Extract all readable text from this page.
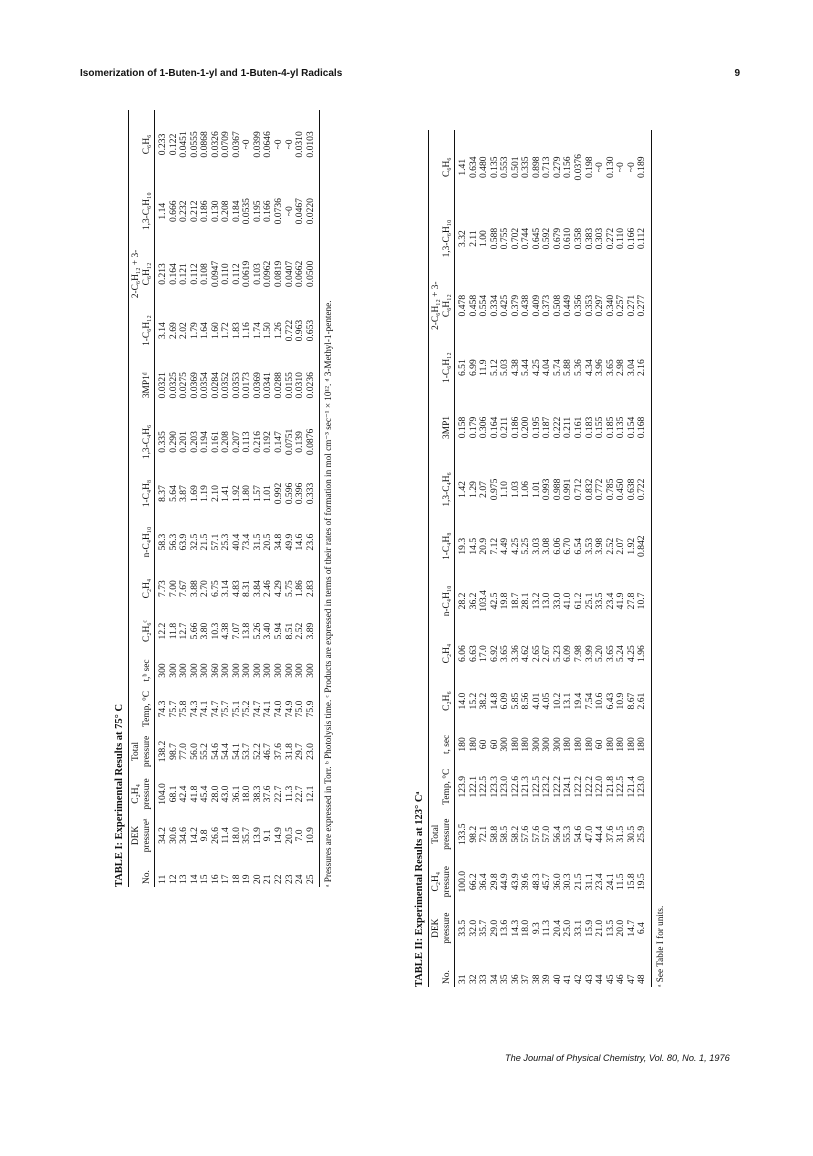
Isomerization of 1-Buten-1-yl and 1-Buten-4-yl Radicals	9
TABLE I: Experimental Results at 75° C	No.	DEK pressureᵃ	C₂H₄ pressure	Total pressure	Temp, °C	t,ᵇ sec	C₂H₆ᶜ	C₂H₄	n-C₄H₁₀	1-C₄H₈	1,3-C₄H₆	3MP1ᵈ	1-C₆H₁₂	2-C₆H₁₂ + 3-C₆H₁₂	1,3-C₆H₁₀	C₆H₆
11	34.2	104.0	138.2	74.3	300	12.2	7.73	58.3	8.37	0.335	0.0321	3.14	0.213	1.14	0.233
12	30.6	68.1	98.7	75.7	300	11.8	7.00	56.3	5.64	0.290	0.0325	2.69	0.164	0.666	0.122
13	34.6	42.4	77.0	75.8	300	12.7	7.67	63.9	3.87	0.201	0.0275	2.02	0.121	0.232	0.0451
14	14.2	41.8	56.0	74.3	300	5.66	3.88	32.5	1.69	0.203	0.0369	1.79	0.112	0.212	0.0555
15	9.8	45.4	55.2	74.1	300	3.80	2.70	21.5	1.19	0.194	0.0354	1.64	0.108	0.186	0.0868
16	26.6	28.0	54.6	74.7	360	10.3	6.75	57.1	2.10	0.161	0.0284	1.60	0.0947	0.130	0.0326
17	11.4	43.0	54.4	75.7	300	4.38	3.14	25.3	1.41	0.208	0.0352	1.72	0.110	0.208	0.0709
18	18.0	36.1	54.1	75.1	300	7.07	4.83	40.4	1.92	0.207	0.0353	1.83	0.112	0.184	0.0367
19	35.7	18.0	53.7	75.2	300	13.8	8.31	73.4	1.80	0.113	0.0173	1.16	0.0619	0.0535	~0
20	13.9	38.3	52.2	74.7	300	5.26	3.84	31.5	1.57	0.216	0.0369	1.74	0.103	0.195	0.0399
21	9.1	37.6	46.7	74.1	300	3.40	2.46	20.5	1.01	0.192	0.0341	1.50	0.0962	0.166	0.0646
22	14.9	22.7	37.6	74.0	300	5.94	4.29	34.8	0.992	0.147	0.0288	1.26	0.0819	0.0736	~0
23	20.5	11.3	31.8	74.9	300	8.51	5.75	49.9	0.596	0.0751	0.0155	0.722	0.0407	~0	~0
24	7.0	22.7	29.7	75.0	300	2.52	1.86	14.6	0.396	0.139	0.0310	0.963	0.0662	0.0467	0.0310
25	10.9	12.1	23.0	75.9	300	3.89	2.83	23.6	0.333	0.0876	0.0236	0.653	0.0500	0.0220	0.0103
ᵃ Pressures are expressed in Torr. ᵇ Photolysis time. ᶜ Products are expressed in terms of their rates of formation in mol cm⁻³ sec⁻¹ × 10¹². ᵈ 3-Methyl-1-pentene.
TABLE II: Experimental Results at 123° Cᵃ	No.	DEK pressure	C₂H₄ pressure	Total pressure	Temp, °C	t, sec	C₂H₆	C₂H₄	n-C₄H₁₀	1-C₄H₈	1,3-C₄H₆	3MP1	1-C₆H₁₂	2-C₆H₁₂ + 3-C₆H₁₂	1,3-C₆H₁₀	C₆H₆
31	33.5	100.0	133.5	123.9	180	14.0	6.06	28.2	19.3	1.42	0.158	6.51	0.478	3.32	1.41
32	32.0	66.2	98.2	122.1	180	15.2	6.63	36.2	14.5	1.29	0.179	6.99	0.458	2.11	0.634
33	35.7	36.4	72.1	122.5	60	38.2	17.0	103.4	20.9	2.07	0.306	11.9	0.554	1.00	0.480
34	29.0	29.8	58.8	123.3	60	14.8	6.92	42.5	7.12	0.975	0.164	5.12	0.334	0.588	0.135
35	13.6	44.9	58.5	123.0	300	6.09	3.65	19.8	4.49	1.10	0.211	5.03	0.425	0.755	0.553
36	14.3	43.9	58.2	122.6	180	5.85	3.36	18.7	4.25	1.03	0.186	4.38	0.379	0.702	0.501
37	18.0	39.6	57.6	121.3	180	8.56	4.62	28.1	5.25	1.06	0.200	5.44	0.438	0.744	0.335
38	9.3	48.3	57.6	122.5	300	4.01	2.65	13.2	3.03	1.01	0.195	4.25	0.409	0.645	0.898
39	11.3	45.7	57.0	123.2	300	4.05	2.67	13.0	3.08	0.993	0.187	4.04	0.373	0.592	0.713
40	20.4	36.0	56.4	122.2	300	10.2	5.23	33.0	6.06	0.988	0.222	5.74	0.508	0.679	0.279
41	25.0	30.3	55.3	124.1	180	13.1	6.09	41.0	6.70	0.991	0.211	5.88	0.449	0.610	0.156
42	33.1	21.5	54.6	122.2	180	19.4	7.98	61.2	6.54	0.712	0.161	5.36	0.356	0.358	0.0376
43	15.9	31.1	47.0	122.2	180	7.54	3.99	25.1	3.53	0.832	0.183	4.34	0.353	0.383	0.198
44	21.0	23.4	44.4	122.0	60	10.6	5.20	33.5	3.98	0.772	0.155	3.96	0.297	0.303	~0
45	13.5	24.1	37.6	121.8	180	6.43	3.65	23.4	2.52	0.785	0.185	3.65	0.340	0.272	0.130
46	20.0	11.5	31.5	122.5	180	10.9	5.24	41.9	2.07	0.450	0.135	2.98	0.257	0.110	~0
47	14.7	15.8	30.5	121.4	180	8.67	4.25	27.8	1.92	0.638	0.154	3.04	0.271	0.166	~0
48	6.4	19.5	25.9	123.0	180	2.61	1.96	10.7	0.842	0.722	0.168	2.16	0.277	0.112	0.189
ᵃ See Table I for units.
The Journal of Physical Chemistry, Vol. 80, No. 1, 1976
